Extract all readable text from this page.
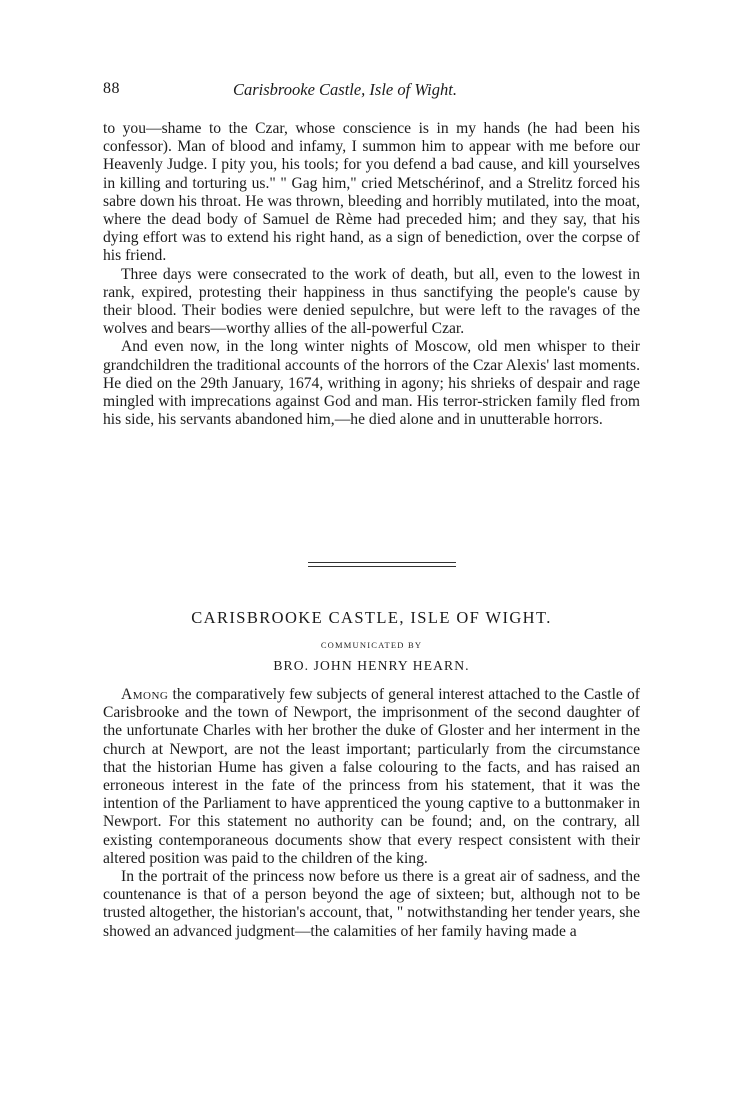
88	Carisbrooke Castle, Isle of Wight.

to you—shame to the Czar, whose conscience is in my hands (he had been his confessor). Man of blood and infamy, I summon him to appear with me before our Heavenly Judge. I pity you, his tools; for you defend a bad cause, and kill yourselves in killing and torturing us." " Gag him," cried Metschérinof, and a Strelitz forced his sabre down his throat. He was thrown, bleeding and horribly mutilated, into the moat, where the dead body of Samuel de Rème had preceded him; and they say, that his dying effort was to extend his right hand, as a sign of benediction, over the corpse of his friend.

Three days were consecrated to the work of death, but all, even to the lowest in rank, expired, protesting their happiness in thus sanctifying the people's cause by their blood. Their bodies were denied sepulchre, but were left to the ravages of the wolves and bears—worthy allies of the all-powerful Czar.

And even now, in the long winter nights of Moscow, old men whisper to their grandchildren the traditional accounts of the horrors of the Czar Alexis' last moments. He died on the 29th January, 1674, writhing in agony; his shrieks of despair and rage mingled with imprecations against God and man. His terror-stricken family fled from his side, his servants abandoned him,—he died alone and in unutterable horrors.

CARISBROOKE CASTLE, ISLE OF WIGHT.
COMMUNICATED BY
BRO. JOHN HENRY HEARN.

Among the comparatively few subjects of general interest attached to the Castle of Carisbrooke and the town of Newport, the imprisonment of the second daughter of the unfortunate Charles with her brother the duke of Gloster and her interment in the church at Newport, are not the least important; particularly from the circumstance that the historian Hume has given a false colouring to the facts, and has raised an erroneous interest in the fate of the princess from his statement, that it was the intention of the Parliament to have apprenticed the young captive to a buttonmaker in Newport. For this statement no authority can be found; and, on the contrary, all existing contemporaneous documents show that every respect consistent with their altered position was paid to the children of the king.

In the portrait of the princess now before us there is a great air of sadness, and the countenance is that of a person beyond the age of sixteen; but, although not to be trusted altogether, the historian's account, that, " notwithstanding her tender years, she showed an advanced judgment—the calamities of her family having made a
